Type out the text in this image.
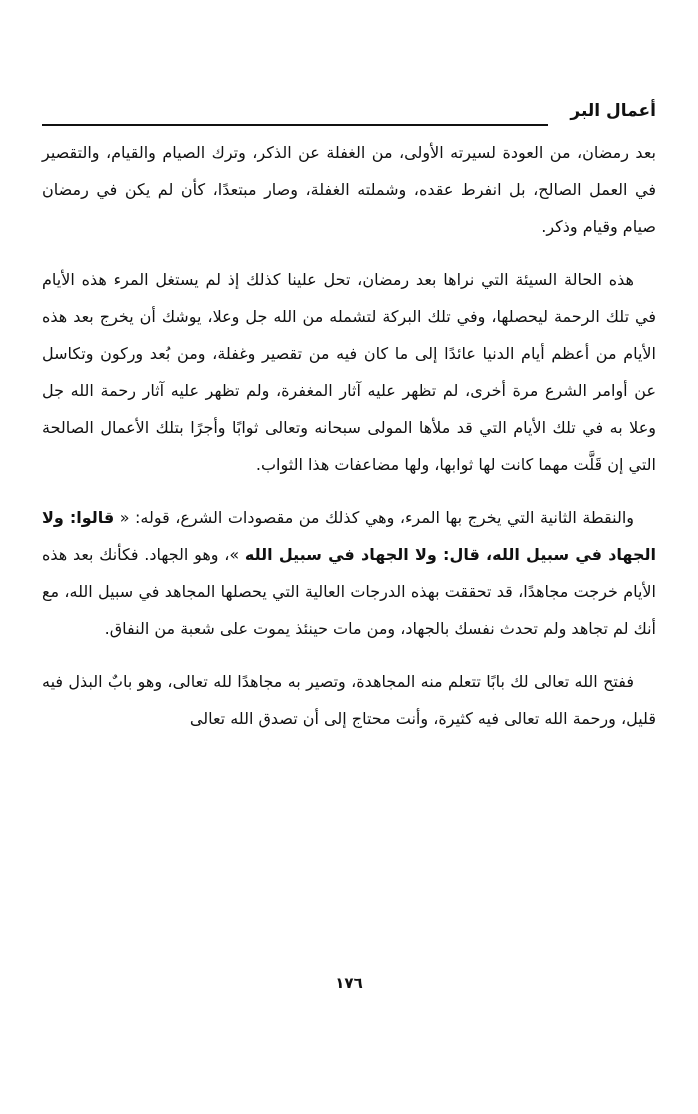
أعمال البر

بعد رمضان، من العودة لسيرته الأولى، من الغفلة عن الذكر، وترك الصيام والقيام، والتقصير في العمل الصالح، بل انفرط عقده، وشملته الغفلة، وصار مبتعدًا، كأن لم يكن في رمضان صيام وقيام وذكر.

هذه الحالة السيئة التي نراها بعد رمضان، تحل علينا كذلك إذ لم يستغل المرء هذه الأيام في تلك الرحمة ليحصلها، وفي تلك البركة لتشمله من الله جل وعلا، يوشك أن يخرج بعد هذه الأيام من أعظم أيام الدنيا عائدًا إلى ما كان فيه من تقصير وغفلة، ومن بُعد وركون وتكاسل عن أوامر الشرع مرة أخرى، لم تظهر عليه آثار المغفرة، ولم تظهر عليه آثار رحمة الله جل وعلا به في تلك الأيام التي قد ملأها المولى سبحانه وتعالى ثوابًا وأجرًا بتلك الأعمال الصالحة التي إن قَلَّت مهما كانت لها ثوابها، ولها مضاعفات هذا الثواب.

والنقطة الثانية التي يخرج بها المرء، وهي كذلك من مقصودات الشرع، قوله: « قالوا: ولا الجهاد في سبيل الله، قال: ولا الجهاد في سبيل الله »، وهو الجهاد. فكأنك بعد هذه الأيام خرجت مجاهدًا، قد تحققت بهذه الدرجات العالية التي يحصلها المجاهد في سبيل الله، مع أنك لم تجاهد ولم تحدث نفسك بالجهاد، ومن مات حينئذ يموت على شعبة من النفاق.

ففتح الله تعالى لك بابًا تتعلم منه المجاهدة، وتصير به مجاهدًا لله تعالى، وهو بابٌ البذل فيه قليل، ورحمة الله تعالى فيه كثيرة، وأنت محتاج إلى أن تصدق الله تعالى

١٧٦
